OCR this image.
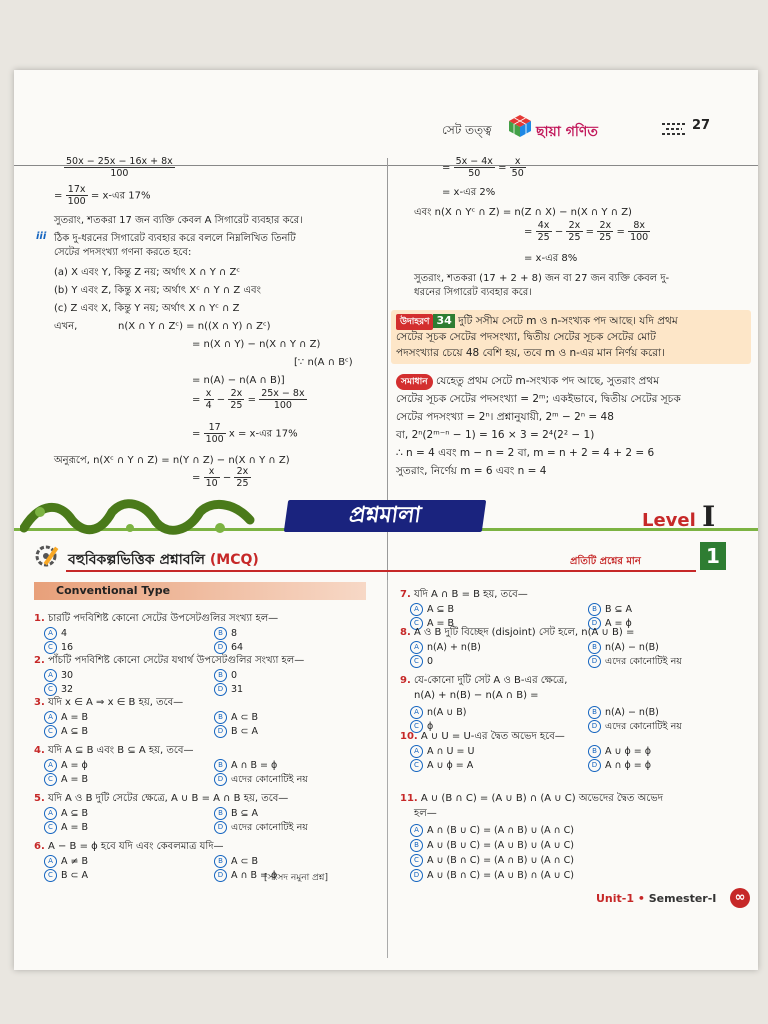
সেট তত্ত্ব	ছায়া গণিত	27
$\frac{50x - 25x - 16x + 8x}{100}$
= $\frac{17x}{100}$ = x-এর 17%
সুতরাং, শতকরা 17 জন ব্যক্তি কেবল A সিগারেট ব্যবহার করে।
iii ঠিক দু-ধরনের সিগারেট ব্যবহার করে বললে নিম্নলিখিত তিনটি
সেটের পদসংখ্যা গণনা করতে হবে:
(a) X এবং Y, কিন্তু Z নয়; অর্থাৎ X ∩ Y ∩ Zᶜ
(b) Y এবং Z, কিন্তু X নয়; অর্থাৎ Xᶜ ∩ Y ∩ Z এবং
(c) Z এবং X, কিন্তু Y নয়; অর্থাৎ X ∩ Yᶜ ∩ Z
এখন,	n(X ∩ Y ∩ Zᶜ) = n((X ∩ Y) ∩ Zᶜ)
= n(X ∩ Y) − n(X ∩ Y ∩ Z)
[∵ n(A ∩ Bᶜ)
= n(A) − n(A ∩ B)]
= $\frac{x}{4} - \frac{2x}{25} = \frac{25x - 8x}{100}$
= $\frac{17}{100}$ x = x-এর 17%
অনুরূপে, n(Xᶜ ∩ Y ∩ Z) = n(Y ∩ Z) − n(X ∩ Y ∩ Z)
= $\frac{x}{10} - \frac{2x}{25}$
= $\frac{5x - 4x}{50} = \frac{x}{50}$
= x-এর 2%
এবং n(X ∩ Yᶜ ∩ Z) = n(Z ∩ X) − n(X ∩ Y ∩ Z)
= $\frac{4x}{25} - \frac{2x}{25} = \frac{2x}{25} = \frac{8x}{100}$
= x-এর 8%
সুতরাং, শতকরা (17 + 2 + 8) জন বা 27 জন ব্যক্তি কেবল দু-
ধরনের সিগারেট ব্যবহার করে।
উদাহরণ 34 দুটি সসীম সেটে m ও n-সংখ্যক পদ আছে। যদি প্রথম
সেটের সূচক সেটের পদসংখ্যা, দ্বিতীয় সেটের সূচক সেটের মোট
পদসংখ্যার চেয়ে 48 বেশি হয়, তবে m ও n-এর মান নির্ণয় করো।
সমাধান যেহেতু প্রথম সেটে m-সংখ্যক পদ আছে, সুতরাং প্রথম
সেটের সূচক সেটের পদসংখ্যা = 2ᵐ; একইভাবে, দ্বিতীয় সেটের সূচক
সেটের পদসংখ্যা = 2ⁿ। প্রশ্নানুযায়ী, 2ᵐ − 2ⁿ = 48
বা, 2ⁿ(2ᵐ⁻ⁿ − 1) = 16 × 3 = 2⁴(2² − 1)
∴ n = 4 এবং m − n = 2 বা, m = n + 2 = 4 + 2 = 6
সুতরাং, নির্ণেয় m = 6 এবং n = 4
প্রশ্নমালা	Level I
বহুবিকল্পভিত্তিক প্রশ্নাবলি (MCQ)	প্রতিটি প্রশ্নের মান	1
Conventional Type
[সংসদ নমুনা প্রশ্ন]
Unit-1 • Semester-I	∞
1. চারটি পদবিশিষ্ট কোনো সেটের উপসেটগুলির সংখ্যা হল—
A 4	B 8
C 16	D 64
2. পাঁচটি পদবিশিষ্ট কোনো সেটের যথার্থ উপসেটগুলির সংখ্যা হল—
A 30	B 0
C 32	D 31
3. যদি x ∈ A ⇒ x ∈ B হয়, তবে—
A A = B	B A ⊂ B
C A ⊆ B	D B ⊂ A
4. যদি A ⊆ B এবং B ⊆ A হয়, তবে—
A A = ϕ	B A ∩ B = ϕ
C A = B	D এদের কোনোটিই নয়
5. যদি A ও B দুটি সেটের ক্ষেত্রে, A ∪ B = A ∩ B হয়, তবে—
A A ⊆ B	B B ⊆ A
C A = B	D এদের কোনোটিই নয়
6. A − B = ϕ হবে যদি এবং কেবলমাত্র যদি—
A A ≠ B	B A ⊂ B
C B ⊂ A	D A ∩ B = ϕ
7. যদি A ∩ B = B হয়, তবে—
A A ⊆ B	B B ⊆ A
C A = B	D A = ϕ
8. A ও B দুটি বিচ্ছেদ (disjoint) সেট হলে, n(A ∪ B) =
A n(A) + n(B)	B n(A) − n(B)
C 0	D এদের কোনোটিই নয়
9. যে-কোনো দুটি সেট A ও B-এর ক্ষেত্রে,
n(A) + n(B) − n(A ∩ B) =
A n(A ∪ B)	B n(A) − n(B)
C ϕ	D এদের কোনোটিই নয়
10. A ∪ U = U-এর দ্বৈত অভেদ হবে—
A A ∩ U = U	B A ∪ ϕ = ϕ
C A ∪ ϕ = A	D A ∩ ϕ = ϕ
11. A ∪ (B ∩ C) = (A ∪ B) ∩ (A ∪ C) অভেদের দ্বৈত অভেদ
হল—
A A ∩ (B ∪ C) = (A ∩ B) ∪ (A ∩ C)
B A ∪ (B ∪ C) = (A ∪ B) ∪ (A ∪ C)
C A ∪ (B ∩ C) = (A ∩ B) ∪ (A ∩ C)
D A ∪ (B ∩ C) = (A ∪ B) ∩ (A ∪ C)
